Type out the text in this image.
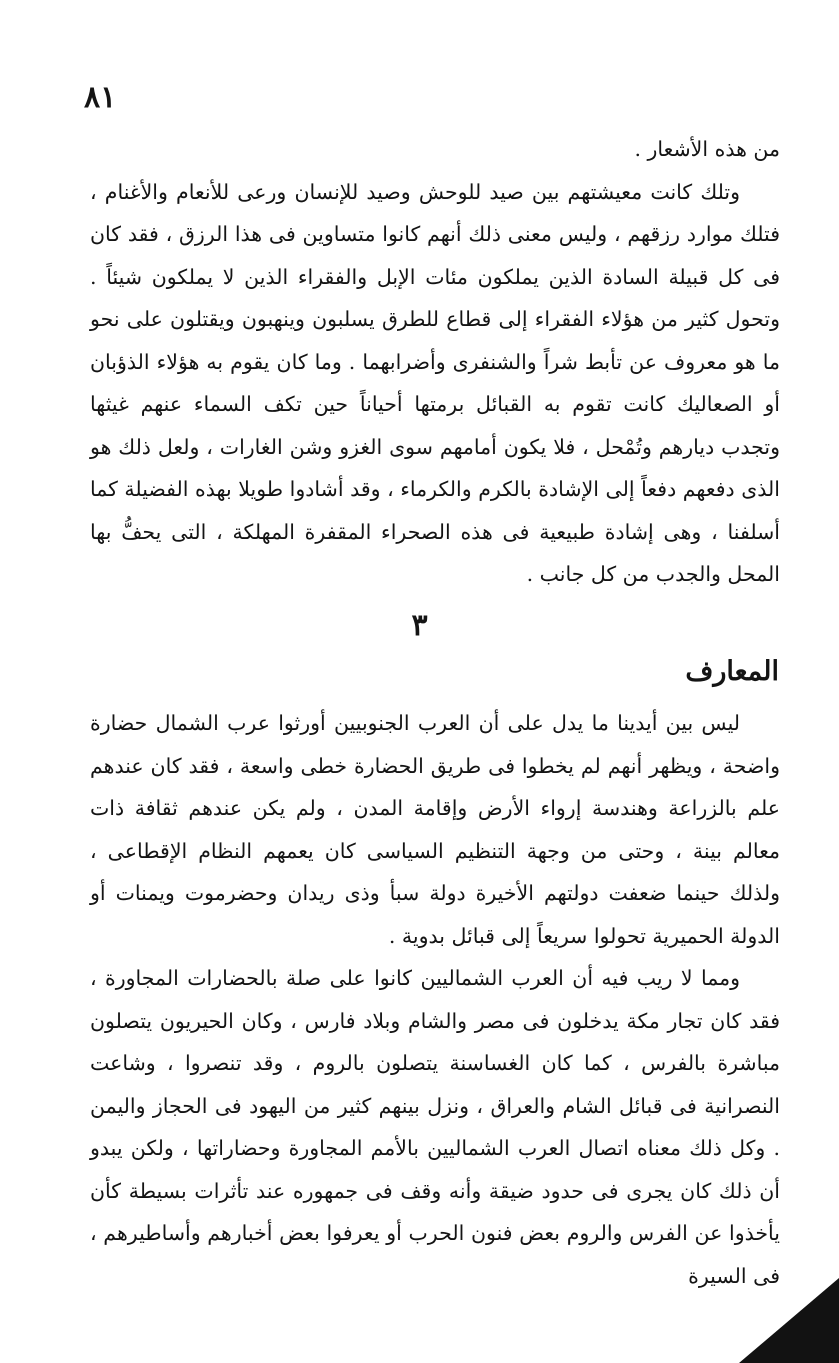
٨١

من هذه الأشعار .

وتلك كانت معيشتهم بين صيد للوحش وصيد للإنسان ورعى للأنعام والأغنام ، فتلك موارد رزقهم ، وليس معنى ذلك أنهم كانوا متساوين فى هذا الرزق ، فقد كان فى كل قبيلة السادة الذين يملكون مئات الإبل والفقراء الذين لا يملكون شيئاً . وتحول كثير من هؤلاء الفقراء إلى قطاع للطرق يسلبون وينهبون ويقتلون على نحو ما هو معروف عن تأبط شراً والشنفرى وأضرابهما . وما كان يقوم به هؤلاء الذؤبان أو الصعاليك كانت تقوم به القبائل برمتها أحياناً حين تكف السماء عنهم غيثها وتجدب ديارهم وتُمْحل ، فلا يكون أمامهم سوى الغزو وشن الغارات ، ولعل ذلك هو الذى دفعهم دفعاً إلى الإشادة بالكرم والكرماء ، وقد أشادوا طويلا بهذه الفضيلة كما أسلفنا ، وهى إشادة طبيعية فى هذه الصحراء المقفرة المهلكة ، التى يحفُّ بها المحل والجدب من كل جانب .

٣
المعارف

ليس بين أيدينا ما يدل على أن العرب الجنوبيين أورثوا عرب الشمال حضارة واضحة ، ويظهر أنهم لم يخطوا فى طريق الحضارة خطى واسعة ، فقد كان عندهم علم بالزراعة وهندسة إرواء الأرض وإقامة المدن ، ولم يكن عندهم ثقافة ذات معالم بينة ، وحتى من وجهة التنظيم السياسى كان يعمهم النظام الإقطاعى ، ولذلك حينما ضعفت دولتهم الأخيرة دولة سبأ وذى ريدان وحضرموت ويمنات أو الدولة الحميرية تحولوا سريعاً إلى قبائل بدوية .

ومما لا ريب فيه أن العرب الشماليين كانوا على صلة بالحضارات المجاورة ، فقد كان تجار مكة يدخلون فى مصر والشام وبلاد فارس ، وكان الحيريون يتصلون مباشرة بالفرس ، كما كان الغساسنة يتصلون بالروم ، وقد تنصروا ، وشاعت النصرانية فى قبائل الشام والعراق ، ونزل بينهم كثير من اليهود فى الحجاز واليمن . وكل ذلك معناه اتصال العرب الشماليين بالأمم المجاورة وحضاراتها ، ولكن يبدو أن ذلك كان يجرى فى حدود ضيقة وأنه وقف فى جمهوره عند تأثرات بسيطة كأن يأخذوا عن الفرس والروم بعض فنون الحرب أو يعرفوا بعض أخبارهم وأساطيرهم ، فى السيرة
